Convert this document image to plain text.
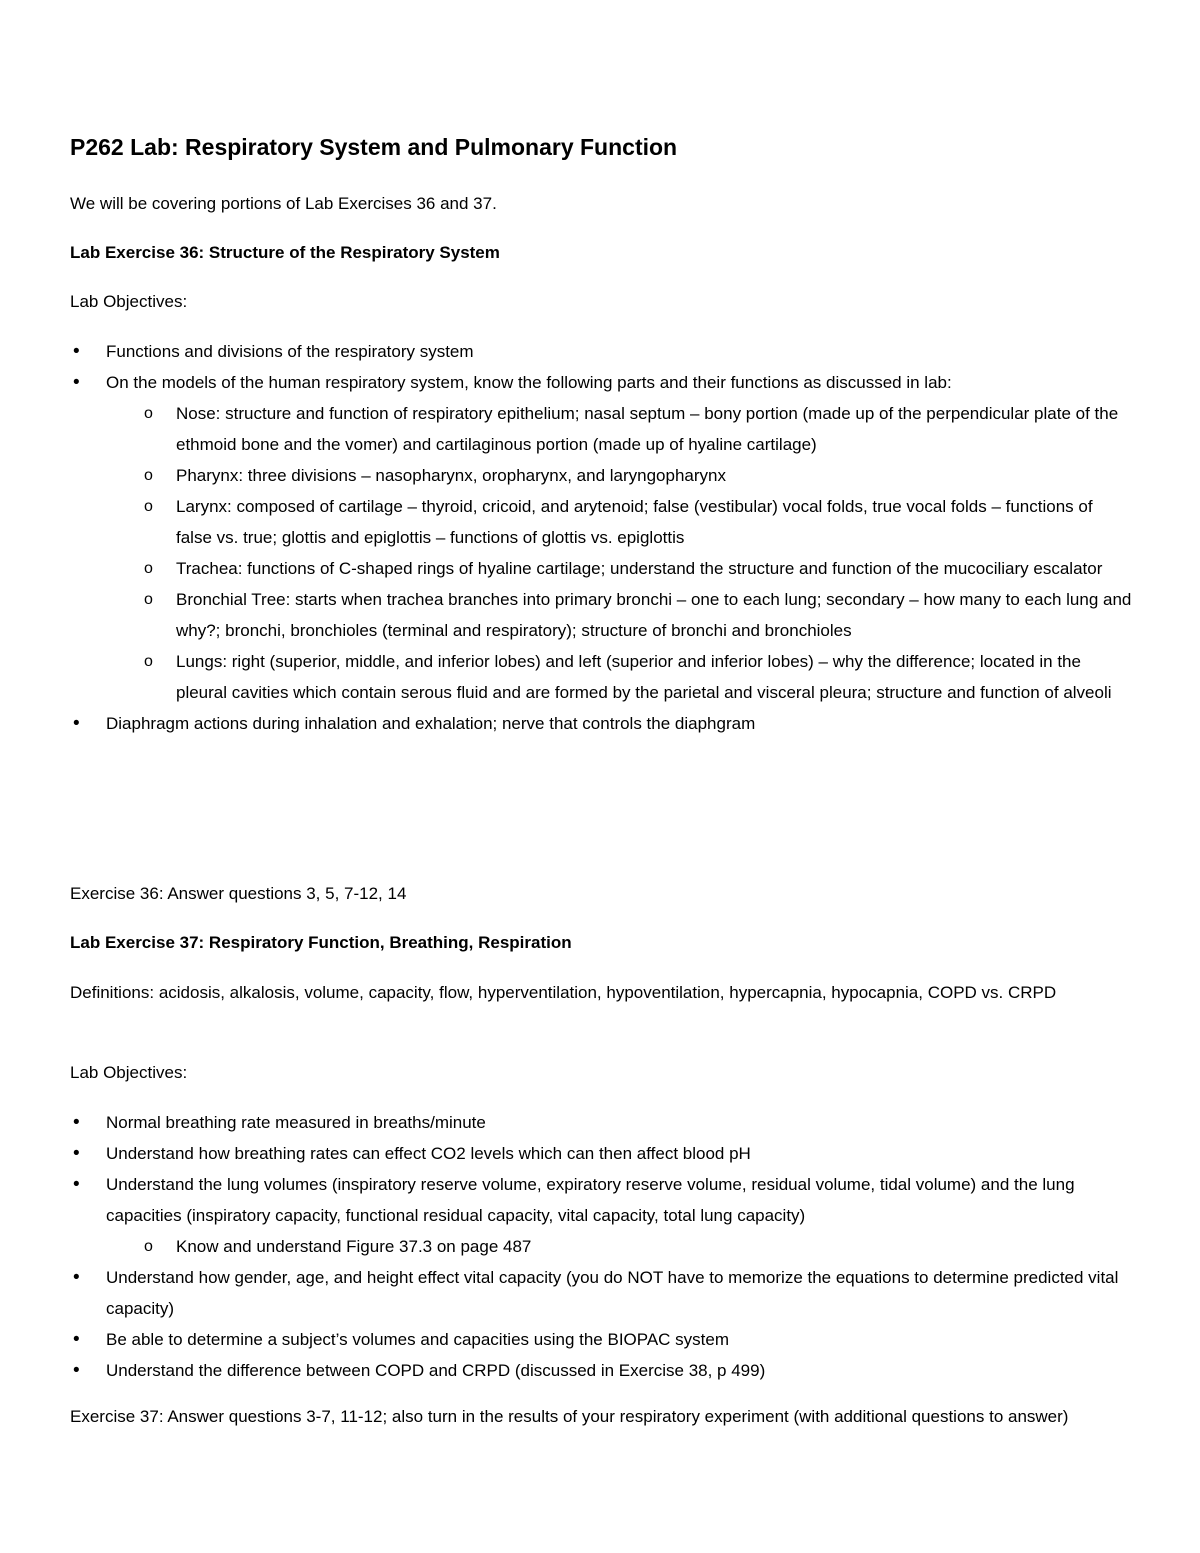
P262 Lab: Respiratory System and Pulmonary Function

We will be covering portions of Lab Exercises 36 and 37.

Lab Exercise 36: Structure of the Respiratory System

Lab Objectives:

• Functions and divisions of the respiratory system
• On the models of the human respiratory system, know the following parts and their functions as discussed in lab:
o Nose: structure and function of respiratory epithelium; nasal septum – bony portion (made up of the perpendicular plate of the ethmoid bone and the vomer) and cartilaginous portion (made up of hyaline cartilage)
o Pharynx: three divisions – nasopharynx, oropharynx, and laryngopharynx
o Larynx: composed of cartilage – thyroid, cricoid, and arytenoid; false (vestibular) vocal folds, true vocal folds – functions of false vs. true; glottis and epiglottis – functions of glottis vs. epiglottis
o Trachea: functions of C-shaped rings of hyaline cartilage; understand the structure and function of the mucociliary escalator
o Bronchial Tree: starts when trachea branches into primary bronchi – one to each lung; secondary – how many to each lung and why?; bronchi, bronchioles (terminal and respiratory); structure of bronchi and bronchioles
o Lungs: right (superior, middle, and inferior lobes) and left (superior and inferior lobes) – why the difference; located in the pleural cavities which contain serous fluid and are formed by the parietal and visceral pleura; structure and function of alveoli
• Diaphragm actions during inhalation and exhalation; nerve that controls the diaphgram

Exercise 36: Answer questions 3, 5, 7-12, 14

Lab Exercise 37: Respiratory Function, Breathing, Respiration

Definitions: acidosis, alkalosis, volume, capacity, flow, hyperventilation, hypoventilation, hypercapnia, hypocapnia, COPD vs. CRPD

Lab Objectives:

• Normal breathing rate measured in breaths/minute
• Understand how breathing rates can effect CO2 levels which can then affect blood pH
• Understand the lung volumes (inspiratory reserve volume, expiratory reserve volume, residual volume, tidal volume) and the lung capacities (inspiratory capacity, functional residual capacity, vital capacity, total lung capacity)
o Know and understand Figure 37.3 on page 487
• Understand how gender, age, and height effect vital capacity (you do NOT have to memorize the equations to determine predicted vital capacity)
• Be able to determine a subject’s volumes and capacities using the BIOPAC system
• Understand the difference between COPD and CRPD (discussed in Exercise 38, p 499)

Exercise 37: Answer questions 3-7, 11-12; also turn in the results of your respiratory experiment (with additional questions to answer)
